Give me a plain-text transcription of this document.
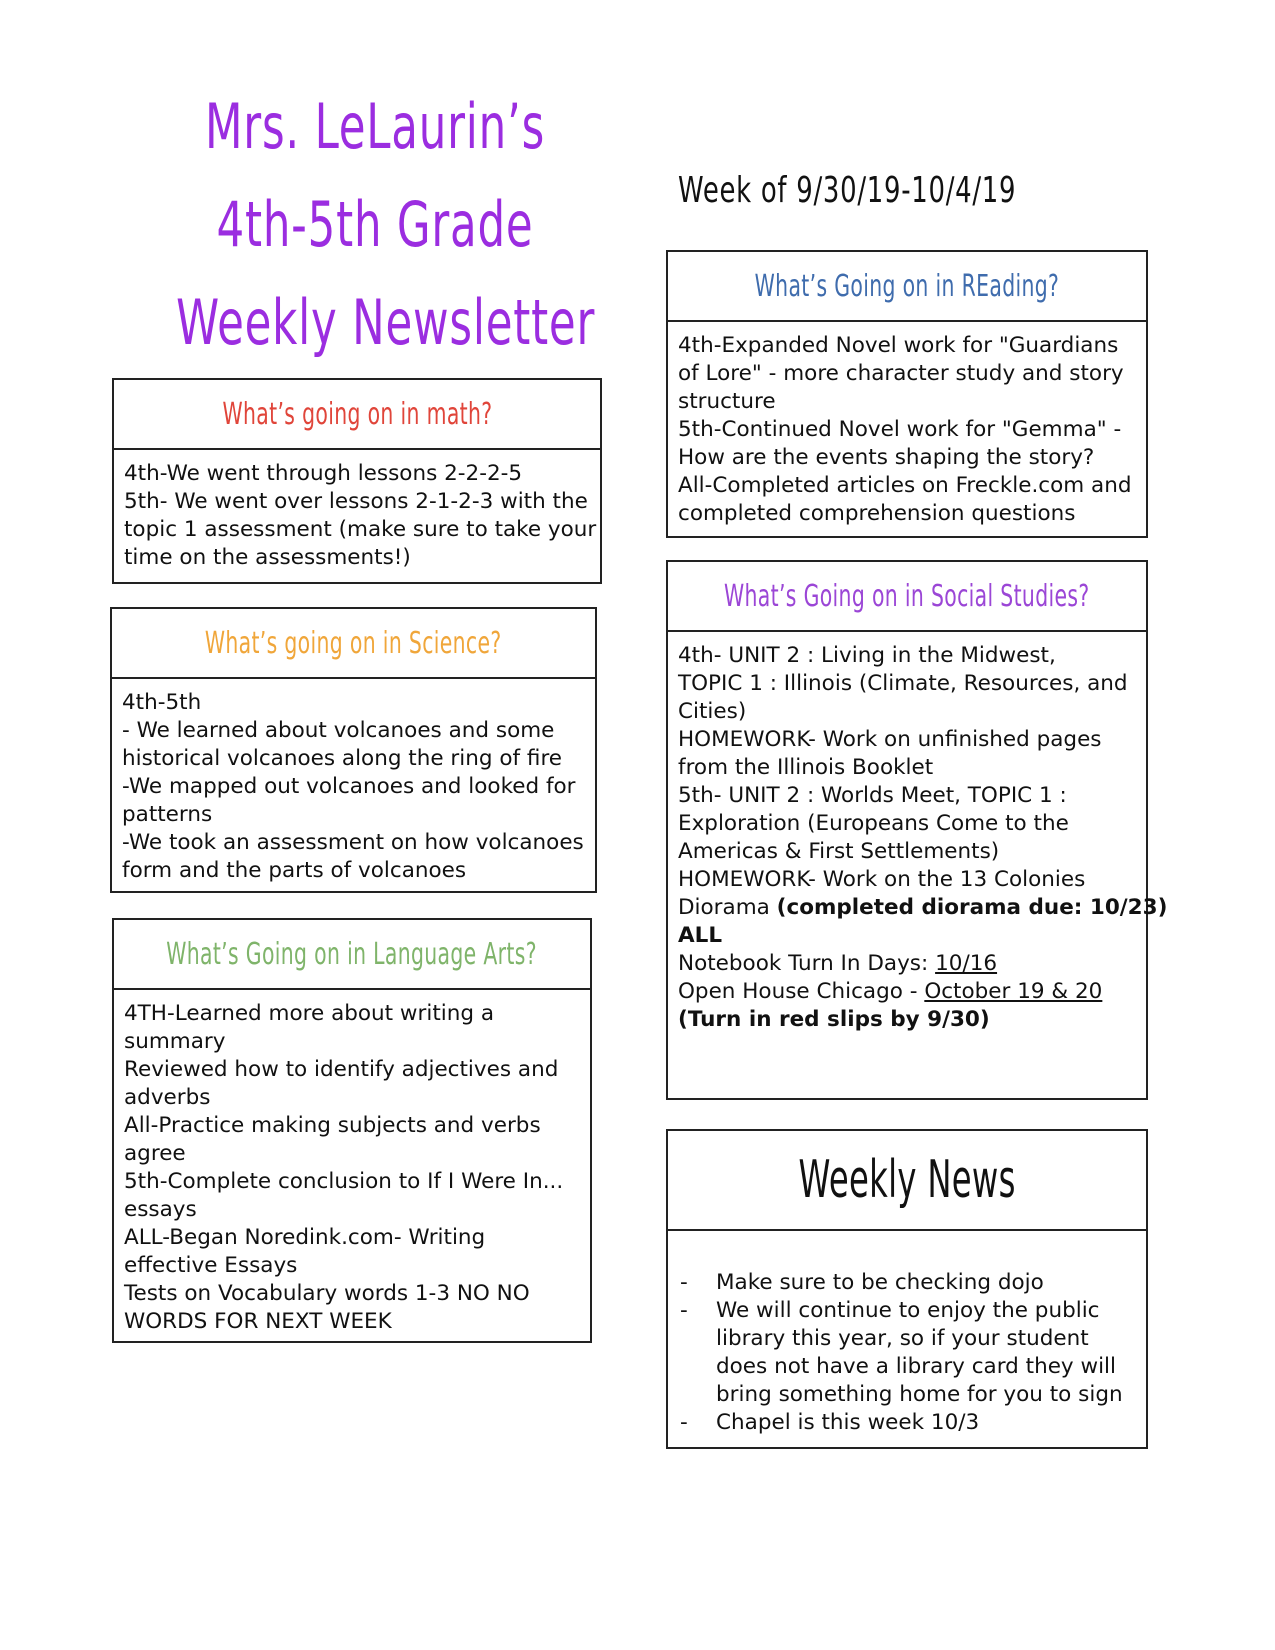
Mrs. LeLaurin’s
4th-5th Grade
Weekly Newsletter
Week of 9/30/19-10/4/19
What’s going on in math?
4th-We went through lessons 2-2-2-5
5th- We went over lessons 2-1-2-3 with the
topic 1 assessment (make sure to take your
time on the assessments!)
What’s going on in Science?
4th-5th
- We learned about volcanoes and some
historical volcanoes along the ring of fire
-We mapped out volcanoes and looked for
patterns
-We took an assessment on how volcanoes
form and the parts of volcanoes
What’s Going on in Language Arts?
4TH-Learned more about writing a
summary
Reviewed how to identify adjectives and
adverbs
All-Practice making subjects and verbs
agree
5th-Complete conclusion to If I Were In...
essays
ALL-Began Noredink.com- Writing
effective Essays
Tests on Vocabulary words 1-3 NO NO
WORDS FOR NEXT WEEK
What’s Going on in REading?
4th-Expanded Novel work for "Guardians
of Lore" - more character study and story
structure
5th-Continued Novel work for "Gemma" -
How are the events shaping the story?
All-Completed articles on Freckle.com and
completed comprehension questions
What’s Going on in Social Studies?
4th- UNIT 2 : Living in the Midwest,
TOPIC 1 : Illinois (Climate, Resources, and
Cities)
HOMEWORK- Work on unfinished pages
from the Illinois Booklet
5th- UNIT 2 : Worlds Meet, TOPIC 1 :
Exploration (Europeans Come to the
Americas & First Settlements)
HOMEWORK- Work on the 13 Colonies
Diorama (completed diorama due: 10/23)
ALL
Notebook Turn In Days: 10/16
Open House Chicago - October 19 & 20
(Turn in red slips by 9/30)
Weekly News
- Make sure to be checking dojo
- We will continue to enjoy the public library this year, so if your student does not have a library card they will bring something home for you to sign
- Chapel is this week 10/3
